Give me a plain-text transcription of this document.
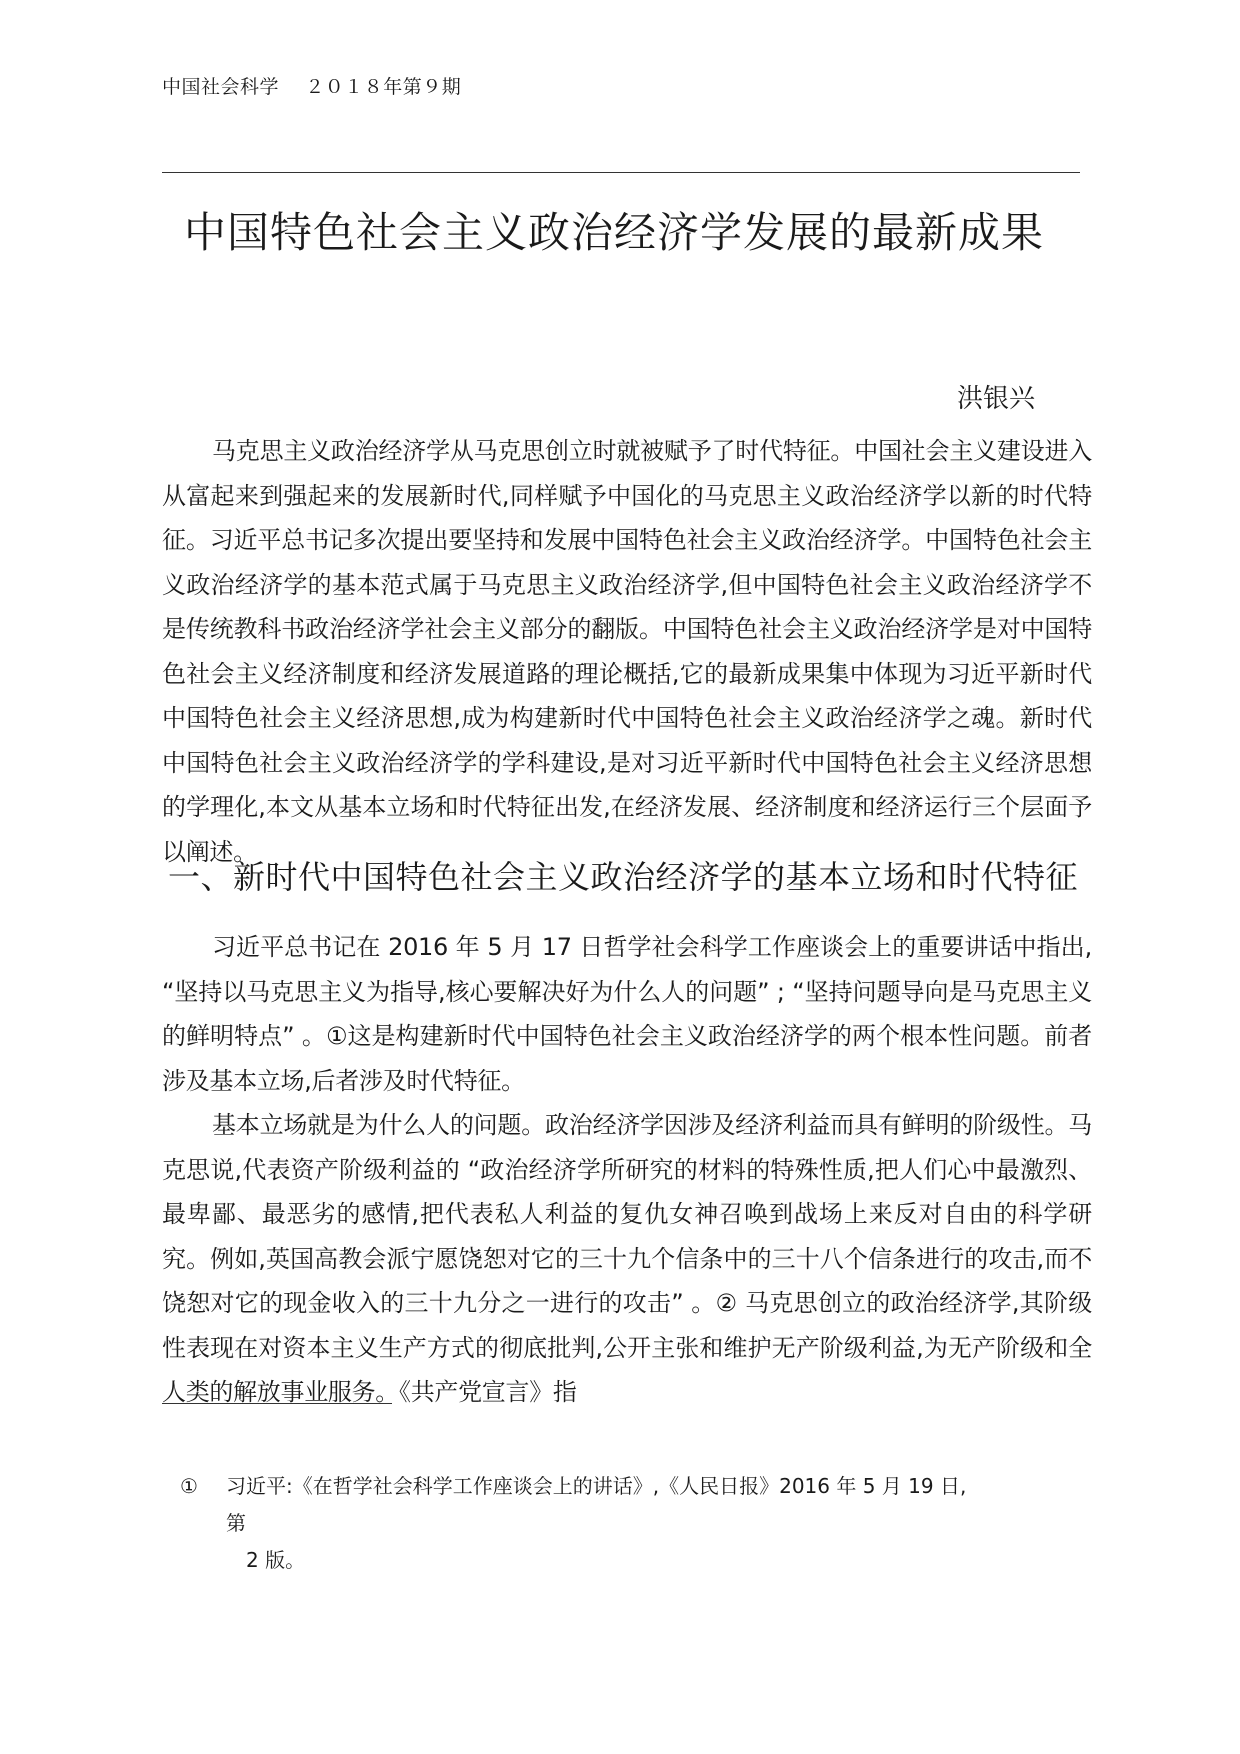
中国社会科学 ２０１８年第９期
中国特色社会主义政治经济学发展的最新成果
洪银兴

马克思主义政治经济学从马克思创立时就被赋予了时代特征。中国社会主义建设进入从富起来到强起来的发展新时代,同样赋予中国化的马克思主义政治经济学以新的时代特征。习近平总书记多次提出要坚持和发展中国特色社会主义政治经济学。中国特色社会主义政治经济学的基本范式属于马克思主义政治经济学,但中国特色社会主义政治经济学不是传统教科书政治经济学社会主义部分的翻版。中国特色社会主义政治经济学是对中国特色社会主义经济制度和经济发展道路的理论概括,它的最新成果集中体现为习近平新时代中国特色社会主义经济思想,成为构建新时代中国特色社会主义政治经济学之魂。新时代中国特色社会主义政治经济学的学科建设,是对习近平新时代中国特色社会主义经济思想的学理化,本文从基本立场和时代特征出发,在经济发展、经济制度和经济运行三个层面予以阐述。

一、新时代中国特色社会主义政治经济学的基本立场和时代特征

习近平总书记在 2016 年 5 月 17 日哲学社会科学工作座谈会上的重要讲话中指出, “坚持以马克思主义为指导,核心要解决好为什么人的问题” ; “坚持问题导向是马克思主义的鲜明特点” 。①这是构建新时代中国特色社会主义政治经济学的两个根本性问题。前者涉及基本立场,后者涉及时代特征。

基本立场就是为什么人的问题。政治经济学因涉及经济利益而具有鲜明的阶级性。马克思说,代表资产阶级利益的 “政治经济学所研究的材料的特殊性质,把人们心中最激烈、最卑鄙、最恶劣的感情,把代表私人利益的复仇女神召唤到战场上来反对自由的科学研究。例如,英国高教会派宁愿饶恕对它的三十九个信条中的三十八个信条进行的攻击,而不饶恕对它的现金收入的三十九分之一进行的攻击” 。② 马克思创立的政治经济学,其阶级性表现在对资本主义生产方式的彻底批判,公开主张和维护无产阶级利益,为无产阶级和全人类的解放事业服务。《共产党宣言》指

①	习近平:《在哲学社会科学工作座谈会上的讲话》,《人民日报》2016 年 5 月 19 日,第
2 版。
